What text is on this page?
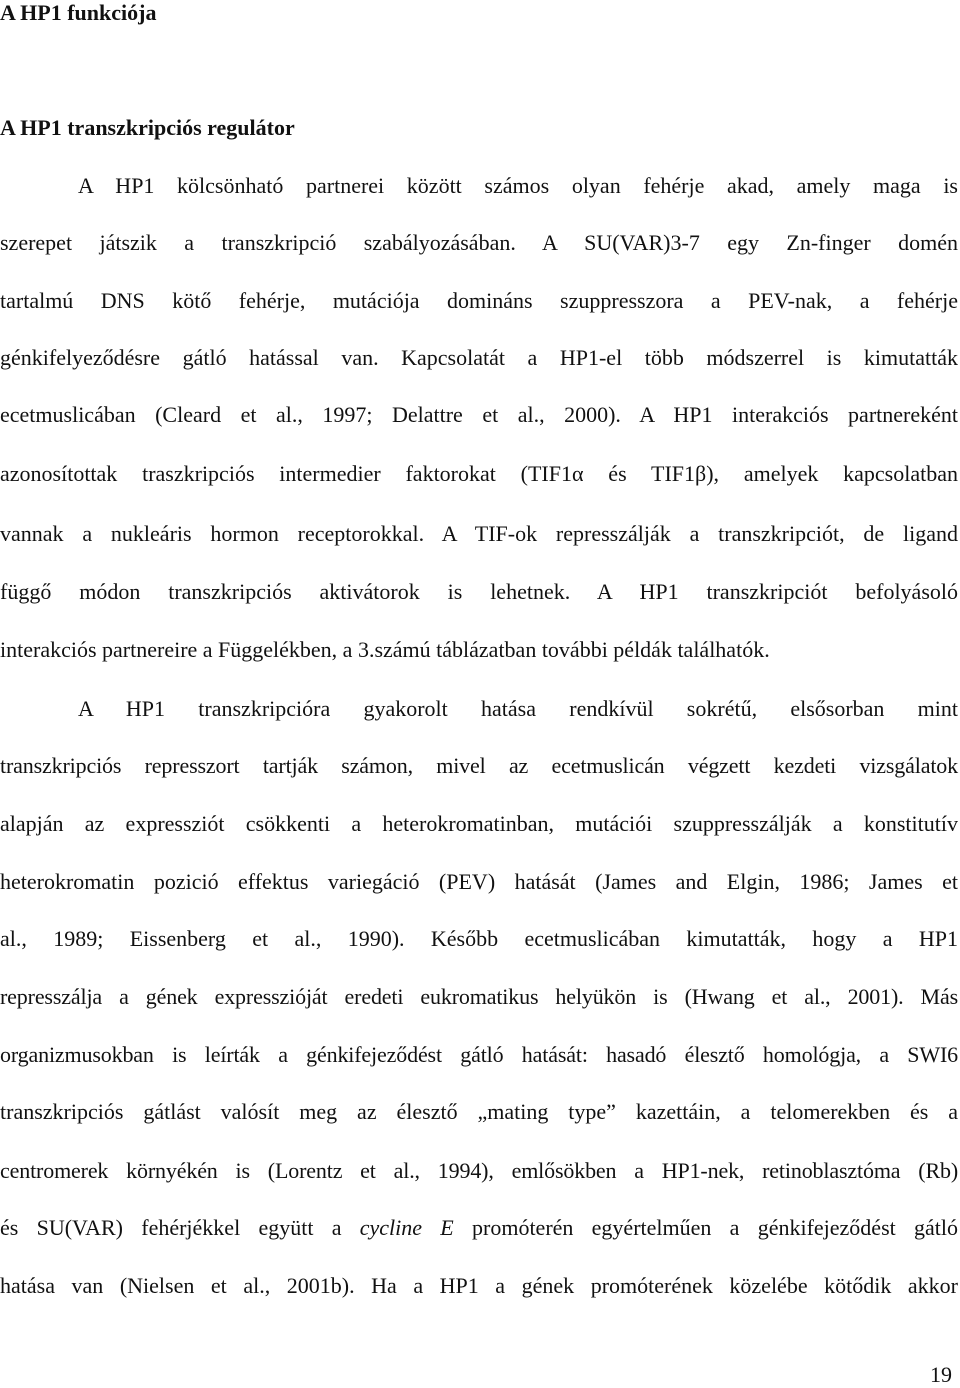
A HP1 funkciója
A HP1 transzkripciós regulátor
A HP1 kölcsönható partnerei között számos olyan fehérje akad, amely maga is
szerepet játszik a transzkripció szabályozásában. A SU(VAR)3-7 egy Zn-finger domén
tartalmú DNS kötő fehérje, mutációja domináns szuppresszora a PEV-nak, a fehérje
génkifelyeződésre gátló hatással van. Kapcsolatát a HP1-el több módszerrel is kimutatták
ecetmuslicában (Cleard et al., 1997; Delattre et al., 2000). A HP1 interakciós partnereként
azonosítottak traszkripciós intermedier faktorokat (TIF1α és TIF1β), amelyek kapcsolatban
vannak a nukleáris hormon receptorokkal. A TIF-ok represszálják a transzkripciót, de ligand
függő módon transzkripciós aktivátorok is lehetnek. A HP1 transzkripciót befolyásoló
interakciós partnereire a Függelékben, a 3.számú táblázatban további példák találhatók.
A HP1 transzkripcióra gyakorolt hatása rendkívül sokrétű, elsősorban mint
transzkripciós represszort tartják számon, mivel az ecetmuslicán végzett kezdeti vizsgálatok
alapján az expressziót csökkenti a heterokromatinban, mutációi szuppresszálják a konstitutív
heterokromatin pozició effektus variegáció (PEV) hatását (James and Elgin, 1986; James et
al., 1989; Eissenberg et al., 1990). Később ecetmuslicában kimutatták, hogy a HP1
represszálja a gének expresszióját eredeti eukromatikus helyükön is (Hwang et al., 2001). Más
organizmusokban is leírták a génkifejeződést gátló hatását: hasadó élesztő homológja, a SWI6
transzkripciós gátlást valósít meg az élesztő „mating type” kazettáin, a telomerekben és a
centromerek környékén is (Lorentz et al., 1994), emlősökben a HP1-nek, retinoblasztóma (Rb)
és SU(VAR) fehérjékkel együtt a cycline E promóterén egyértelműen a génkifejeződést gátló
hatása van (Nielsen et al., 2001b). Ha a HP1 a gének promóterének közelébe kötődik akkor
19
